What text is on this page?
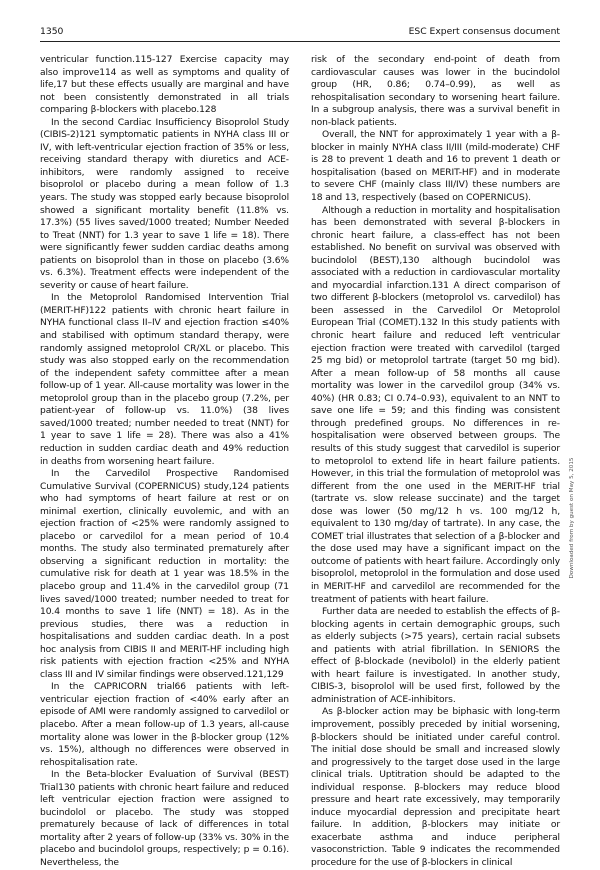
1350	ESC Expert consensus document

ventricular function.115-127 Exercise capacity may also improve114 as well as symptoms and quality of life,17 but these effects usually are marginal and have not been consistently demonstrated in all trials comparing β-blockers with placebo.128

In the second Cardiac Insufficiency Bisoprolol Study (CIBIS-2)121 symptomatic patients in NYHA class III or IV, with left-ventricular ejection fraction of 35% or less, receiving standard therapy with diuretics and ACE-inhibitors, were randomly assigned to receive bisoprolol or placebo during a mean follow of 1.3 years. The study was stopped early because bisoprolol showed a significant mortality benefit (11.8% vs. 17.3%) (55 lives saved/1000 treated; Number Needed to Treat (NNT) for 1.3 year to save 1 life = 18). There were significantly fewer sudden cardiac deaths among patients on bisoprolol than in those on placebo (3.6% vs. 6.3%). Treatment effects were independent of the severity or cause of heart failure.

In the Metoprolol Randomised Intervention Trial (MERIT-HF)122 patients with chronic heart failure in NYHA functional class II–IV and ejection fraction ≤40% and stabilised with optimum standard therapy, were randomly assigned metoprolol CR/XL or placebo. This study was also stopped early on the recommendation of the independent safety committee after a mean follow-up of 1 year. All-cause mortality was lower in the metoprolol group than in the placebo group (7.2%, per patient-year of follow-up vs. 11.0%) (38 lives saved/1000 treated; number needed to treat (NNT) for 1 year to save 1 life = 28). There was also a 41% reduction in sudden cardiac death and 49% reduction in deaths from worsening heart failure.

In the Carvedilol Prospective Randomised Cumulative Survival (COPERNICUS) study,124 patients who had symptoms of heart failure at rest or on minimal exertion, clinically euvolemic, and with an ejection fraction of <25% were randomly assigned to placebo or carvedilol for a mean period of 10.4 months. The study also terminated prematurely after observing a significant reduction in mortality: the cumulative risk for death at 1 year was 18.5% in the placebo group and 11.4% in the carvedilol group (71 lives saved/1000 treated; number needed to treat for 10.4 months to save 1 life (NNT) = 18). As in the previous studies, there was a reduction in hospitalisations and sudden cardiac death. In a post hoc analysis from CIBIS II and MERIT-HF including high risk patients with ejection fraction <25% and NYHA class III and IV similar findings were observed.121,129

In the CAPRICORN trial66 patients with left-ventricular ejection fraction of <40% early after an episode of AMI were randomly assigned to carvedilol or placebo. After a mean follow-up of 1.3 years, all-cause mortality alone was lower in the β-blocker group (12% vs. 15%), although no differences were observed in rehospitalisation rate.

In the Beta-blocker Evaluation of Survival (BEST) Trial130 patients with chronic heart failure and reduced left ventricular ejection fraction were assigned to bucindolol or placebo. The study was stopped prematurely because of lack of differences in total mortality after 2 years of follow-up (33% vs. 30% in the placebo and bucindolol groups, respectively; p = 0.16). Nevertheless, the

risk of the secondary end-point of death from cardiovascular causes was lower in the bucindolol group (HR, 0.86; 0.74–0.99), as well as rehospitalisation secondary to worsening heart failure. In a subgroup analysis, there was a survival benefit in non-black patients.

Overall, the NNT for approximately 1 year with a β-blocker in mainly NYHA class II/III (mild-moderate) CHF is 28 to prevent 1 death and 16 to prevent 1 death or hospitalisation (based on MERIT-HF) and in moderate to severe CHF (mainly class III/IV) these numbers are 18 and 13, respectively (based on COPERNICUS).

Although a reduction in mortality and hospitalisation has been demonstrated with several β-blockers in chronic heart failure, a class-effect has not been established. No benefit on survival was observed with bucindolol (BEST),130 although bucindolol was associated with a reduction in cardiovascular mortality and myocardial infarction.131 A direct comparison of two different β-blockers (metoprolol vs. carvedilol) has been assessed in the Carvedilol Or Metoprolol European Trial (COMET).132 In this study patients with chronic heart failure and reduced left ventricular ejection fraction were treated with carvedilol (targed 25 mg bid) or metoprolol tartrate (target 50 mg bid). After a mean follow-up of 58 months all cause mortality was lower in the carvedilol group (34% vs. 40%) (HR 0.83; CI 0.74–0.93), equivalent to an NNT to save one life = 59; and this finding was consistent through predefined groups. No differences in re-hospitalisation were observed between groups. The results of this study suggest that carvedilol is superior to metoprolol to extend life in heart failure patients. However, in this trial the formulation of metoprolol was different from the one used in the MERIT-HF trial (tartrate vs. slow release succinate) and the target dose was lower (50 mg/12 h vs. 100 mg/12 h, equivalent to 130 mg/day of tartrate). In any case, the COMET trial illustrates that selection of a β-blocker and the dose used may have a significant impact on the outcome of patients with heart failure. Accordingly only bisoprolol, metoprolol in the formulation and dose used in MERIT-HF and carvedilol are recommended for the treatment of patients with heart failure.

Further data are needed to establish the effects of β-blocking agents in certain demographic groups, such as elderly subjects (>75 years), certain racial subsets and patients with atrial fibrillation. In SENIORS the effect of β-blockade (nevibolol) in the elderly patient with heart failure is investigated. In another study, CIBIS-3, bisoprolol will be used first, followed by the administration of ACE-inhibitors.

As β-blocker action may be biphasic with long-term improvement, possibly preceded by initial worsening, β-blockers should be initiated under careful control. The initial dose should be small and increased slowly and progressively to the target dose used in the large clinical trials. Uptitration should be adapted to the individual response. β-blockers may reduce blood pressure and heart rate excessively, may temporarily induce myocardial depression and precipitate heart failure. In addition, β-blockers may initiate or exacerbate asthma and induce peripheral vasoconstriction. Table 9 indicates the recommended procedure for the use of β-blockers in clinical

Downloaded from by guest on May 5, 2015
